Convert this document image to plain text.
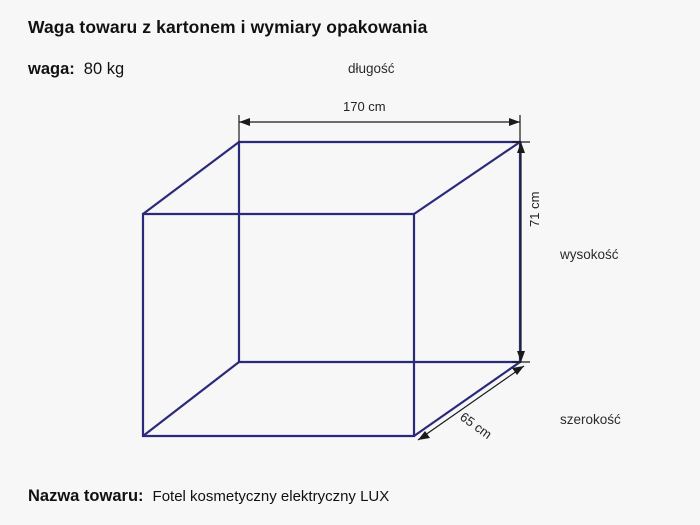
Waga towaru z kartonem i wymiary opakowania
waga: 80 kg	długość
wysokość
szerokość
170 cm
71 cm
65 cm
Nazwa towaru: Fotel kosmetyczny elektryczny LUX
